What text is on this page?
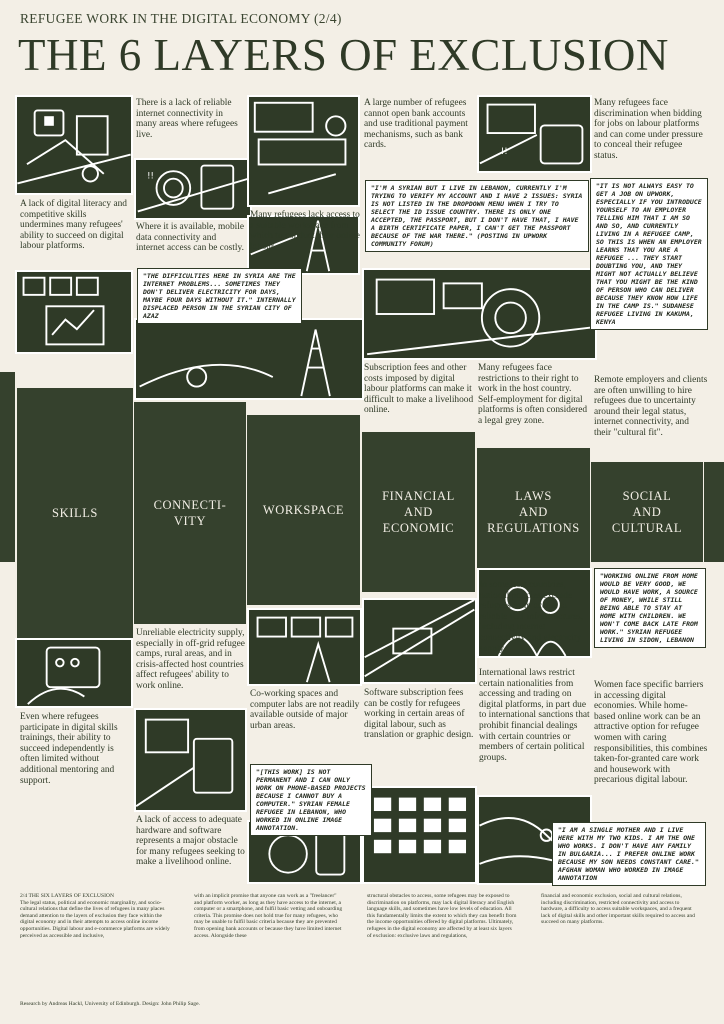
REFUGEE WORK IN THE DIGITAL ECONOMY (2/4)
THE 6 LAYERS OF EXCLUSION
!!
!!
A lack of digital literacy and competitive skills undermines many refugees' ability to succeed on digital labour platforms.
There is a lack of reliable internet connectivity in many areas where refugees live.
Where it is available, mobile data connectivity and internet access can be costly.
Many refugees lack access to a suitable workspace from which to conduct their online labour.
A large number of refugees cannot open bank accounts and use traditional payment mechanisms, such as bank cards.
Subscription fees and other costs imposed by digital labour platforms can make it difficult to make a livelihood online.
Many refugees face restrictions to their right to work in the host country. Self-employment for digital platforms is often considered a legal grey zone.
Many refugees face discrimination when bidding for jobs on labour platforms and can come under pressure to conceal their refugee status.
Remote employers and clients are often unwilling to hire refugees due to uncertainty around their legal status, internet connectivity, and their "cultural fit".
"THE DIFFICULTIES HERE IN SYRIA ARE THE INTERNET PROBLEMS... SOMETIMES THEY DON'T DELIVER ELECTRICITY FOR DAYS, MAYBE FOUR DAYS WITHOUT IT." INTERNALLY DISPLACED PERSON IN THE SYRIAN CITY OF AZAZ
"I'M A SYRIAN BUT I LIVE IN LEBANON, CURRENTLY I'M TRYING TO VERIFY MY ACCOUNT AND I HAVE 2 ISSUES: SYRIA IS NOT LISTED IN THE DROPDOWN MENU WHEN I TRY TO SELECT THE ID ISSUE COUNTRY. THERE IS ONLY ONE ACCEPTED, THE PASSPORT, BUT I DON'T HAVE THAT, I HAVE A BIRTH CERTIFICATE PAPER, I CAN'T GET THE PASSPORT BECAUSE OF THE WAR THERE." (POSTING IN UPWORK COMMUNITY FORUM)
"IT IS NOT ALWAYS EASY TO GET A JOB ON UPWORK, ESPECIALLY IF YOU INTRODUCE YOURSELF TO AN EMPLOYER TELLING HIM THAT I AM SO AND SO, AND CURRENTLY LIVING IN A REFUGEE CAMP, SO THIS IS WHEN AN EMPLOYER LEARNS THAT YOU ARE A REFUGEE ... THEY START DOUBTING YOU, AND THEY MIGHT NOT ACTUALLY BELIEVE THAT YOU MIGHT BE THE KIND OF PERSON WHO CAN DELIVER BECAUSE THEY KNOW HOW LIFE IN THE CAMP IS." SUDANESE REFUGEE LIVING IN KAKUMA, KENYA
SKILLS
CONNECTI-
VITY
WORKSPACE
FINANCIAL
AND
ECONOMIC
LAWS
AND
REGULATIONS
SOCIAL
AND
CULTURAL
Even where refugees participate in digital skills trainings, their ability to succeed independently is often limited without additional mentoring and support.
Unreliable electricity supply, especially in off-grid refugee camps, rural areas, and in crisis-affected host countries affect refugees' ability to work online.
A lack of access to adequate hardware and software represents a major obstacle for many refugees seeking to make a livelihood online.
Co-working spaces and computer labs are not readily available outside of major urban areas.
Software subscription fees can be costly for refugees working in certain areas of digital labour, such as translation or graphic design.
In some host countries, national policies exclude refugees from access to reliable ICT infrastructures, including internet connectivity and electricity supply.
International laws restrict certain nationalities from accessing and trading on digital platforms, in part due to international sanctions that prohibit financial dealings with certain countries or members of certain political groups.
Women face specific barriers in accessing digital economies. While home-based online work can be an attractive option for refugee women with caring responsibilities, this combines taken-for-granted care work and housework with precarious digital labour.
"[THIS WORK] IS NOT PERMANENT AND I CAN ONLY WORK ON PHONE-BASED PROJECTS BECAUSE I CANNOT BUY A COMPUTER." SYRIAN FEMALE REFUGEE IN LEBANON, WHO WORKED IN ONLINE IMAGE ANNOTATION.
"WORKING ONLINE FROM HOME WOULD BE VERY GOOD, WE WOULD HAVE WORK, A SOURCE OF MONEY, WHILE STILL BEING ABLE TO STAY AT HOME WITH CHILDREN. WE WON'T COME BACK LATE FROM WORK." SYRIAN REFUGEE LIVING IN SIDON, LEBANON
"I AM A SINGLE MOTHER AND I LIVE HERE WITH MY TWO KIDS. I AM THE ONE WHO WORKS. I DON'T HAVE ANY FAMILY IN BULGARIA... I PREFER ONLINE WORK BECAUSE MY SON NEEDS CONSTANT CARE." AFGHAN WOMAN WHO WORKED IN IMAGE ANNOTATION
2/4 THE SIX LAYERS OF EXCLUSION
The legal status, political and economic marginality, and socio-cultural relations that define the lives of refugees in many places demand attention to the layers of exclusion they face within the digital economy and in their attempts to access online income opportunities. Digital labour and e-commerce platforms are widely perceived as accessible and inclusive,
with an implicit promise that anyone can work as a "freelancer" and platform worker, as long as they have access to the internet, a computer or a smartphone, and fulfil basic vetting and onboarding criteria. This promise does not hold true for many refugees, who may be unable to fulfil basic criteria because they are prevented from opening bank accounts or because they have limited internet access. Alongside these
structural obstacles to access, some refugees may be exposed to discrimination on platforms, may lack digital literacy and English language skills, and sometimes have low levels of education. All this fundamentally limits the extent to which they can benefit from the income opportunities offered by digital platforms. Ultimately, refugees in the digital economy are affected by at least six layers of exclusion: exclusive laws and regulations,
financial and economic exclusion, social and cultural relations, including discrimination, restricted connectivity and access to hardware, a difficulty to access suitable workspaces, and a frequent lack of digital skills and other important skills required to access and succeed on many platforms.
Research by Andreas Hackl, University of Edinburgh. Design: John Philip Sage.
